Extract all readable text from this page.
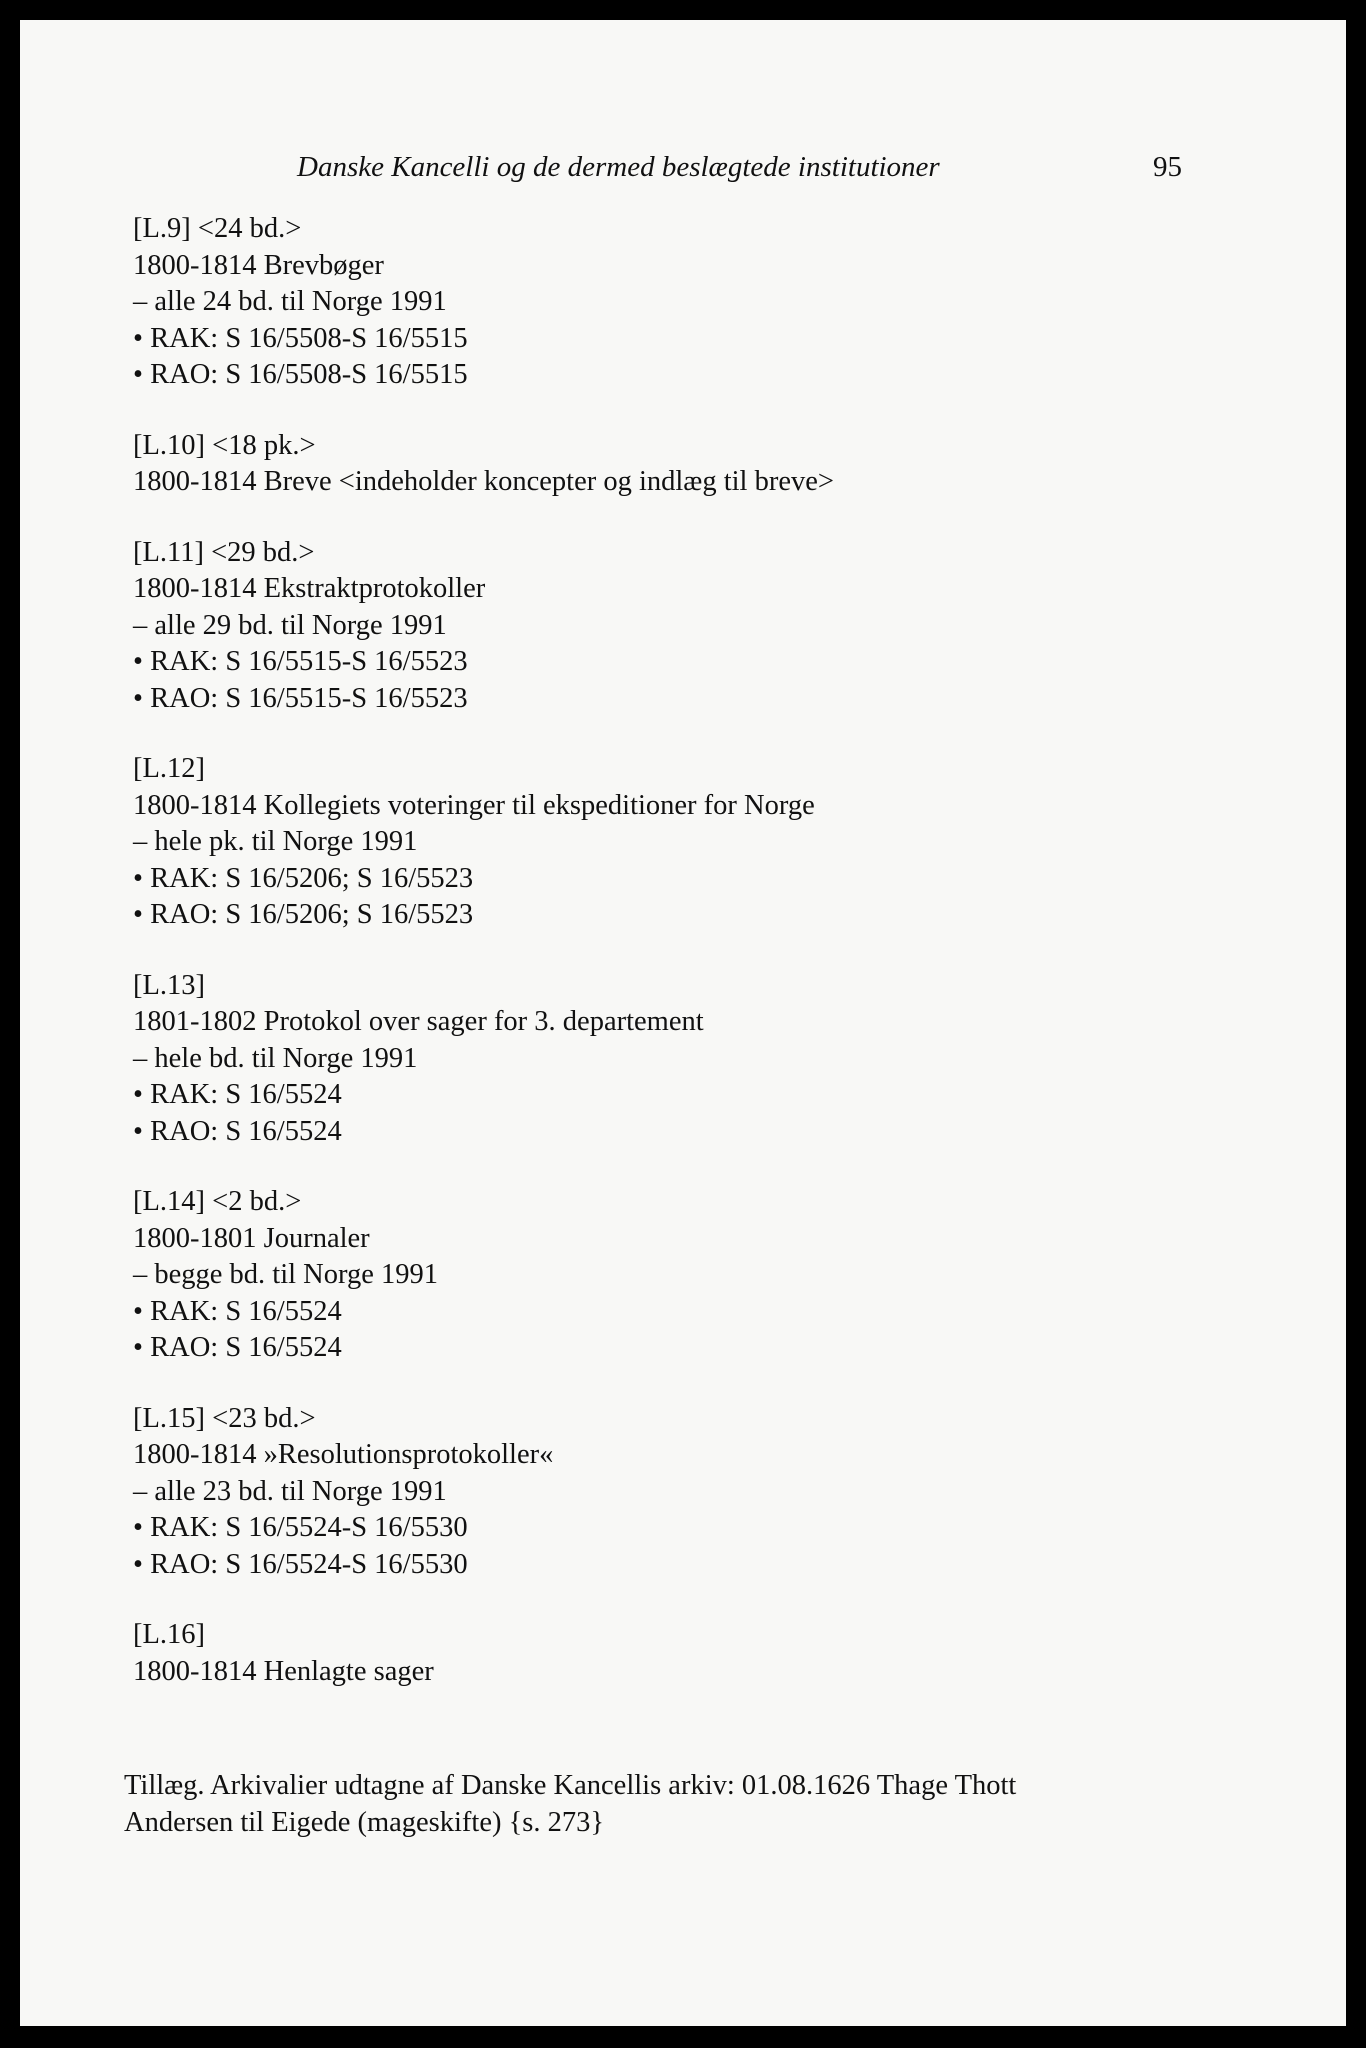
Danske Kancelli og de dermed beslægtede institutioner	95
[L.9] <24 bd.>
1800-1814 Brevbøger
– alle 24 bd. til Norge 1991
• RAK: S 16/5508-S 16/5515
• RAO: S 16/5508-S 16/5515
[L.10] <18 pk.>
1800-1814 Breve <indeholder koncepter og indlæg til breve>
[L.11] <29 bd.>
1800-1814 Ekstraktprotokoller
– alle 29 bd. til Norge 1991
• RAK: S 16/5515-S 16/5523
• RAO: S 16/5515-S 16/5523
[L.12]
1800-1814 Kollegiets voteringer til ekspeditioner for Norge
– hele pk. til Norge 1991
• RAK: S 16/5206; S 16/5523
• RAO: S 16/5206; S 16/5523
[L.13]
1801-1802 Protokol over sager for 3. departement
– hele bd. til Norge 1991
• RAK: S 16/5524
• RAO: S 16/5524
[L.14] <2 bd.>
1800-1801 Journaler
– begge bd. til Norge 1991
• RAK: S 16/5524
• RAO: S 16/5524
[L.15] <23 bd.>
1800-1814 »Resolutionsprotokoller«
– alle 23 bd. til Norge 1991
• RAK: S 16/5524-S 16/5530
• RAO: S 16/5524-S 16/5530
[L.16]
1800-1814 Henlagte sager
Tillæg. Arkivalier udtagne af Danske Kancellis arkiv: 01.08.1626 Thage Thott
Andersen til Eigede (mageskifte) {s. 273}
